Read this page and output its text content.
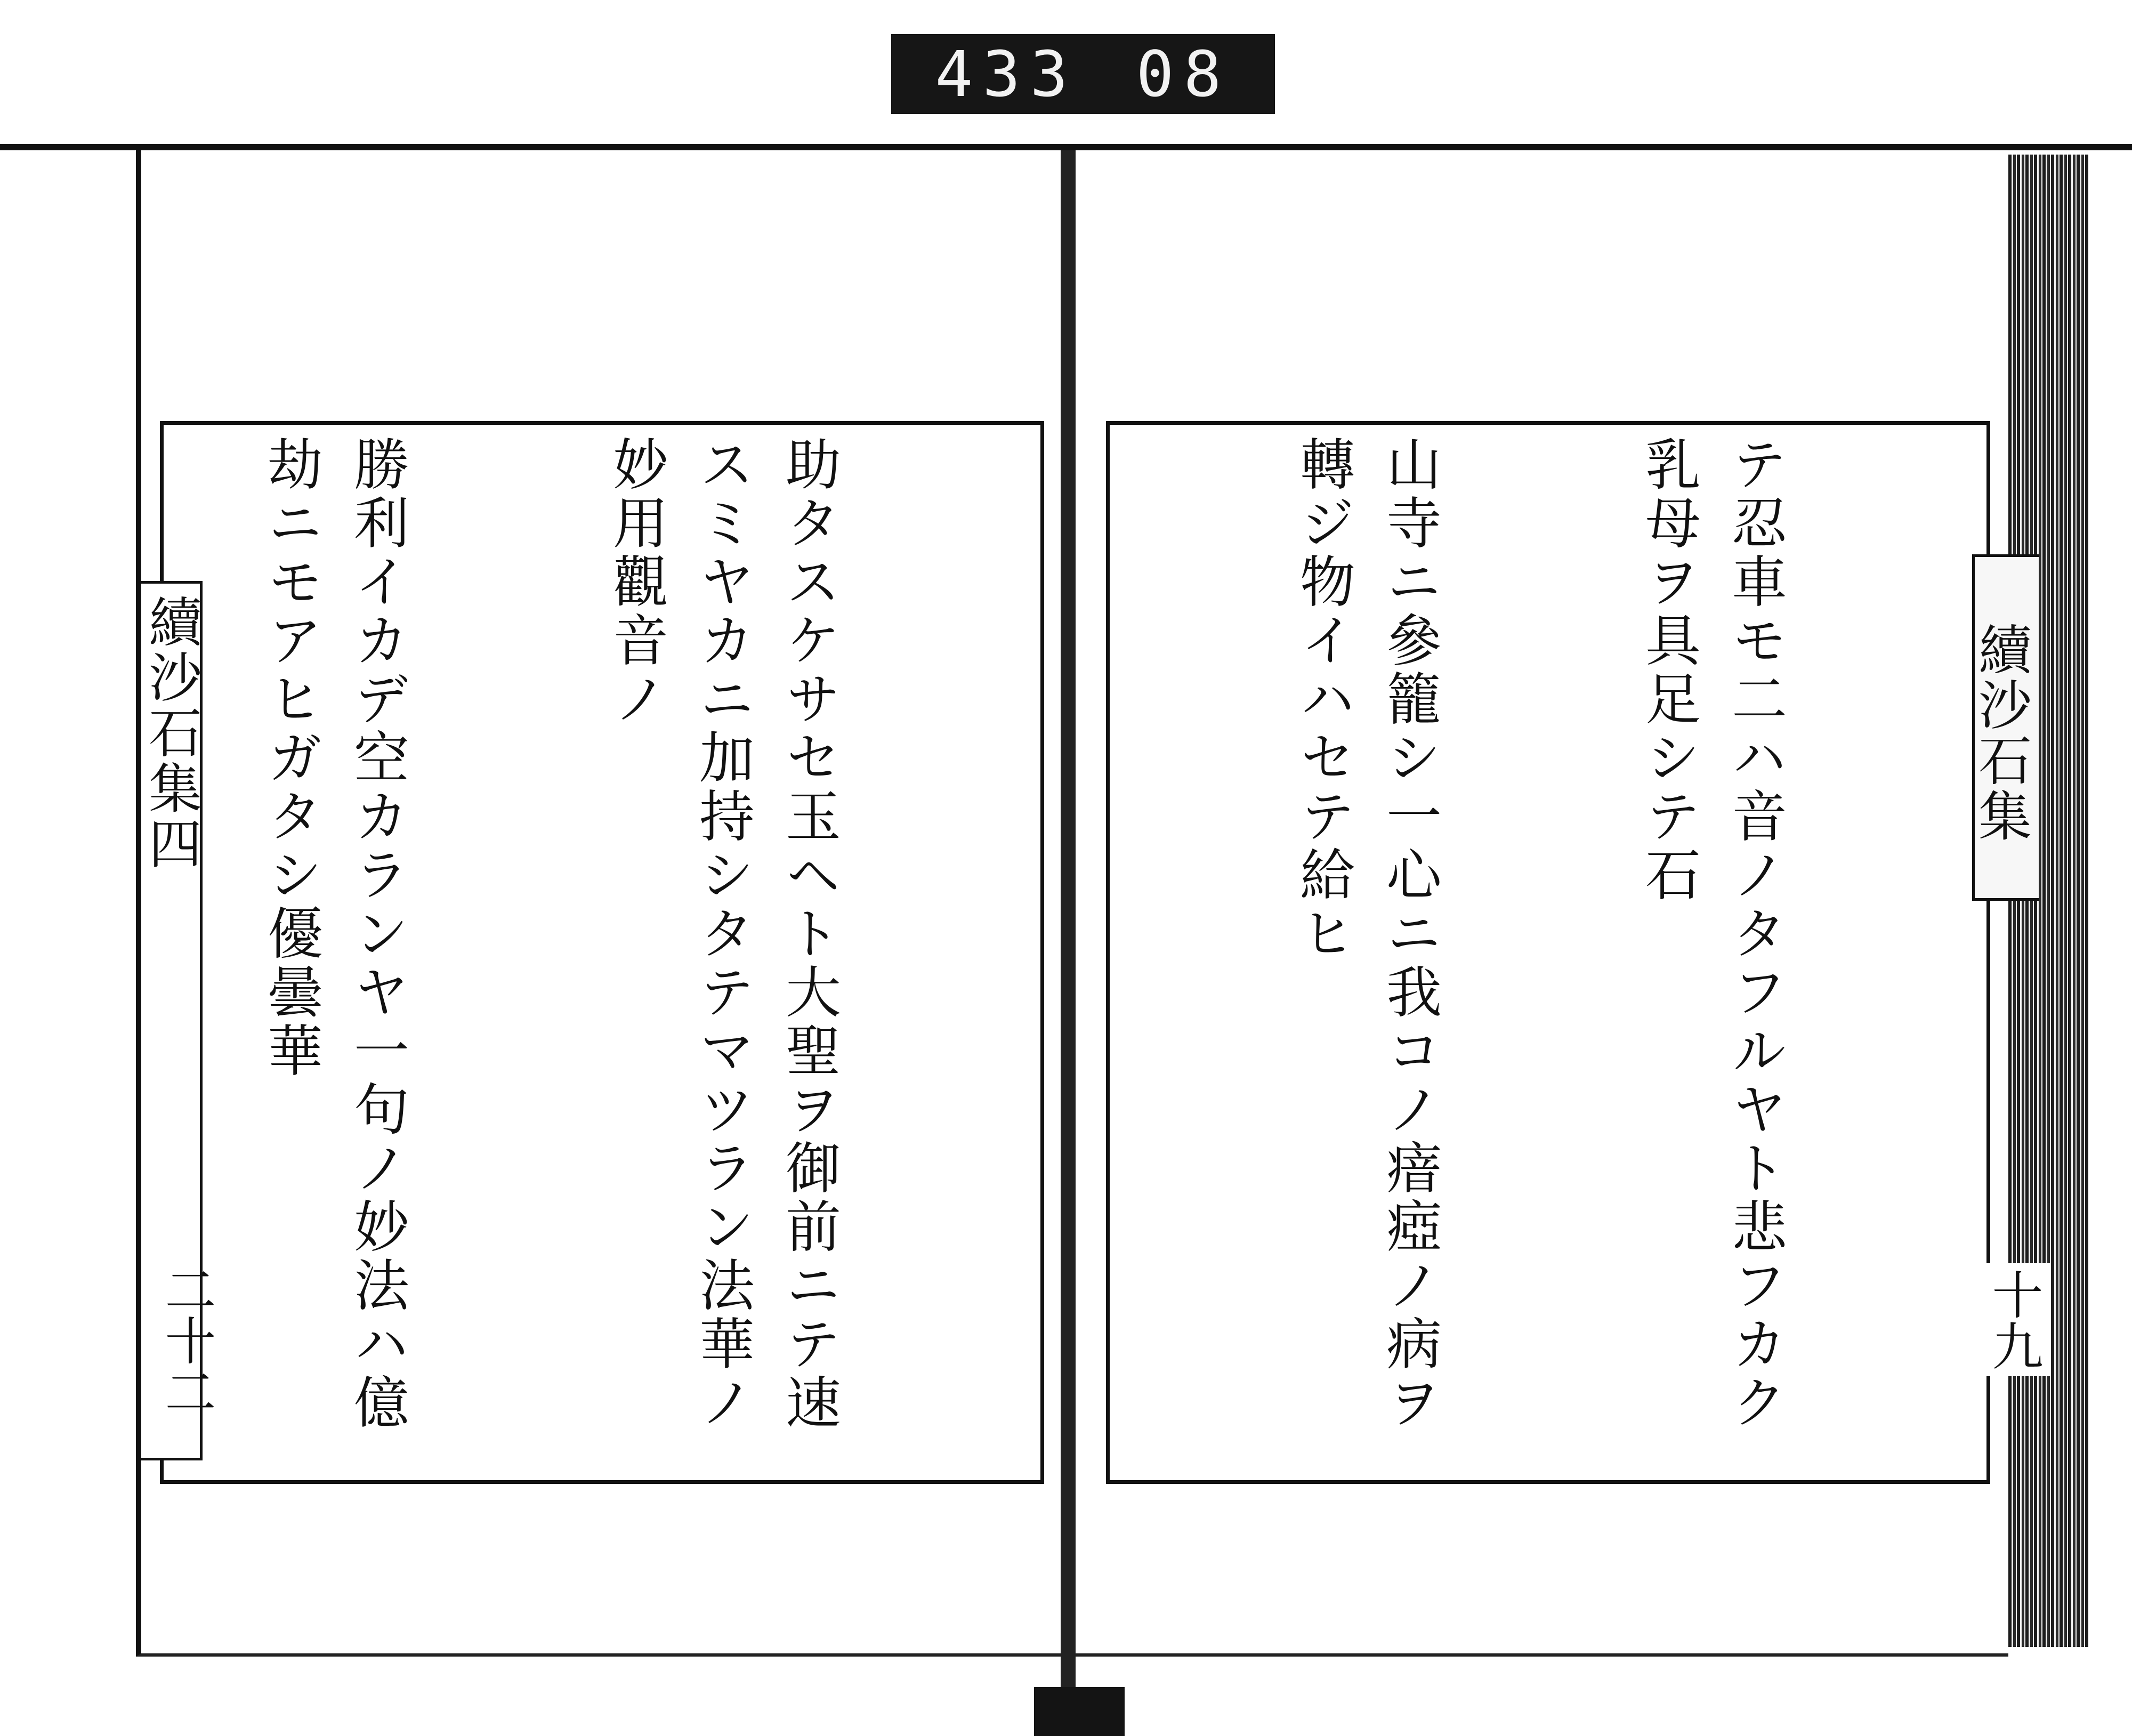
433 08

助タスケサセ玉ヘト大聖ヲ御前ニテ速スミヤカニ加持シタテマツラン法華ノ妙用觀音ノ

勝利イカデ空カランヤ一句ノ妙法ハ億劫ニモアヒガタシ優曇華

	テ忍車モ二ハ音ノタフルヤト悲フカク乳母ヲ具足シテ石

山寺ニ參籠シ一心ニ我コノ瘖瘂ノ病ヲ轉ジ物イハセテ給ヒ

續沙石集四
二十二
續沙石集
十九
